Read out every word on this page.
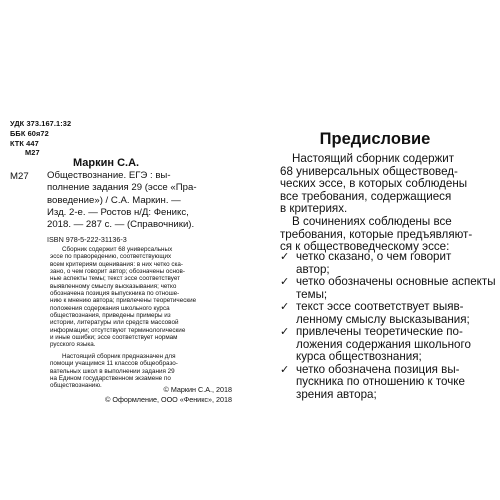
УДК 373.167.1:32
ББК 60я72
КТК 447
М27
Маркин С.А.
М27 Обществознание. ЕГЭ : вы-
полнение задания 29 (эссе «Пра-
воведение») / С.А. Маркин. —
Изд. 2-е. — Ростов н/Д: Феникс,
2018. — 287 с. — (Справочники).
ISBN 978-5-222-31136-3
Сборник содержит 68 универсальных
эссе по праворедению, соответствующих
всем критериям оценивания: в них четко ска-
зано, о чем говорит автор; обозначены основ-
ные аспекты темы; текст эссе соответствует
выявленному смыслу высказывания; четко
обозначена позиция выпускника по отноше-
нию к мнению автора; привлечены теоретические
положения содержания школьного курса
обществознания, приведены примеры из
истории, литературы или средств массовой
информации; отсутствуют терминологические
и иные ошибки; эссе соответствует нормам
русского языка.
Настоящий сборник предназначен для
помощи учащимся 11 классов общеобразо-
вательных школ в выполнении задания 29
на Едином государственном экзамене по
обществознанию.	© Маркин С.А., 2018
© Оформление, ООО «Феникс», 2018
Предисловие
Настоящий сборник содержит
68 универсальных обществовед-
ческих эссе, в которых соблюдены
все требования, содержащиеся
в критериях.
В сочинениях соблюдены все
требования, которые предъявляют-
ся к обществоведческому эссе:
✓ четко сказано, о чем говорит
автор;
✓ четко обозначены основные аспекты
темы;
✓ текст эссе соответствует выяв-
ленному смыслу высказывания;
✓ привлечены теоретические по-
ложения содержания школьного
курса обществознания;
✓ четко обозначена позиция вы-
пускника по отношению к точке
зрения автора;
